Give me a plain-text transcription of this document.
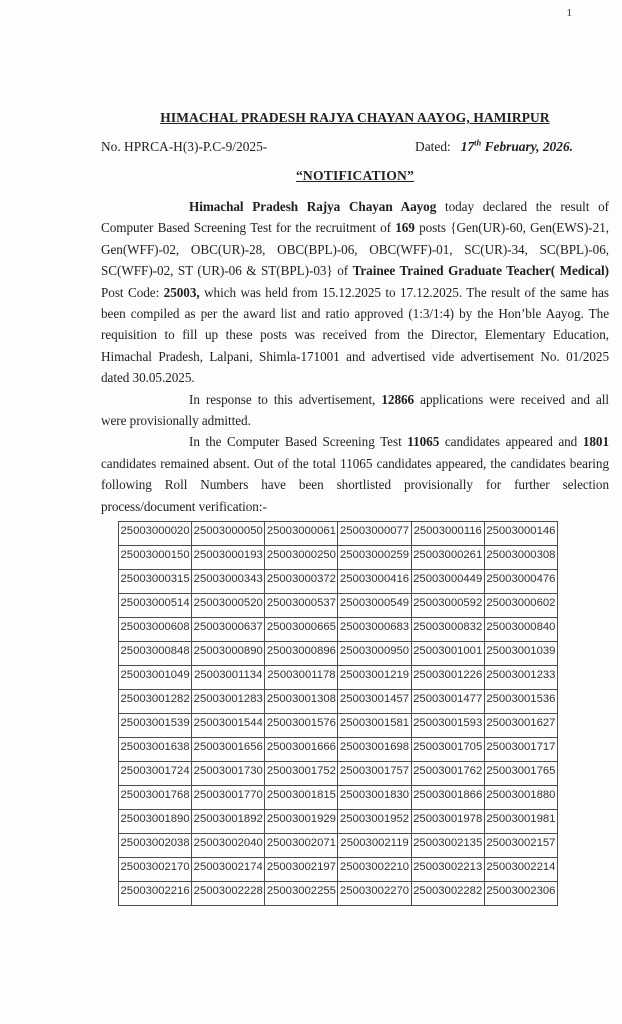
1
HIMACHAL PRADESH RAJYA CHAYAN AAYOG, HAMIRPUR
No. HPRCA-H(3)-P.C-9/2025-	Dated: 17th February, 2026.
“NOTIFICATION”

Himachal Pradesh Rajya Chayan Aayog today declared the result of Computer Based Screening Test for the recruitment of 169 posts {Gen(UR)-60, Gen(EWS)-21, Gen(WFF)-02, OBC(UR)-28, OBC(BPL)-06, OBC(WFF)-01, SC(UR)-34, SC(BPL)-06, SC(WFF)-02, ST (UR)-06 & ST(BPL)-03} of Trainee Trained Graduate Teacher( Medical) Post Code: 25003, which was held from 15.12.2025 to 17.12.2025. The result of the same has been compiled as per the award list and ratio approved (1:3/1:4) by the Hon’ble Aayog. The requisition to fill up these posts was received from the Director, Elementary Education, Himachal Pradesh, Lalpani, Shimla-171001 and advertised vide advertisement No. 01/2025 dated 30.05.2025.

In response to this advertisement, 12866 applications were received and all were provisionally admitted.

In the Computer Based Screening Test 11065 candidates appeared and 1801 candidates remained absent. Out of the total 11065 candidates appeared, the candidates bearing following Roll Numbers have been shortlisted provisionally for further selection process/document verification:-

25003000020	25003000050	25003000061	25003000077	25003000116	25003000146
25003000150	25003000193	25003000250	25003000259	25003000261	25003000308
25003000315	25003000343	25003000372	25003000416	25003000449	25003000476
25003000514	25003000520	25003000537	25003000549	25003000592	25003000602
25003000608	25003000637	25003000665	25003000683	25003000832	25003000840
25003000848	25003000890	25003000896	25003000950	25003001001	25003001039
25003001049	25003001134	25003001178	25003001219	25003001226	25003001233
25003001282	25003001283	25003001308	25003001457	25003001477	25003001536
25003001539	25003001544	25003001576	25003001581	25003001593	25003001627
25003001638	25003001656	25003001666	25003001698	25003001705	25003001717
25003001724	25003001730	25003001752	25003001757	25003001762	25003001765
25003001768	25003001770	25003001815	25003001830	25003001866	25003001880
25003001890	25003001892	25003001929	25003001952	25003001978	25003001981
25003002038	25003002040	25003002071	25003002119	25003002135	25003002157
25003002170	25003002174	25003002197	25003002210	25003002213	25003002214
25003002216	25003002228	25003002255	25003002270	25003002282	25003002306
